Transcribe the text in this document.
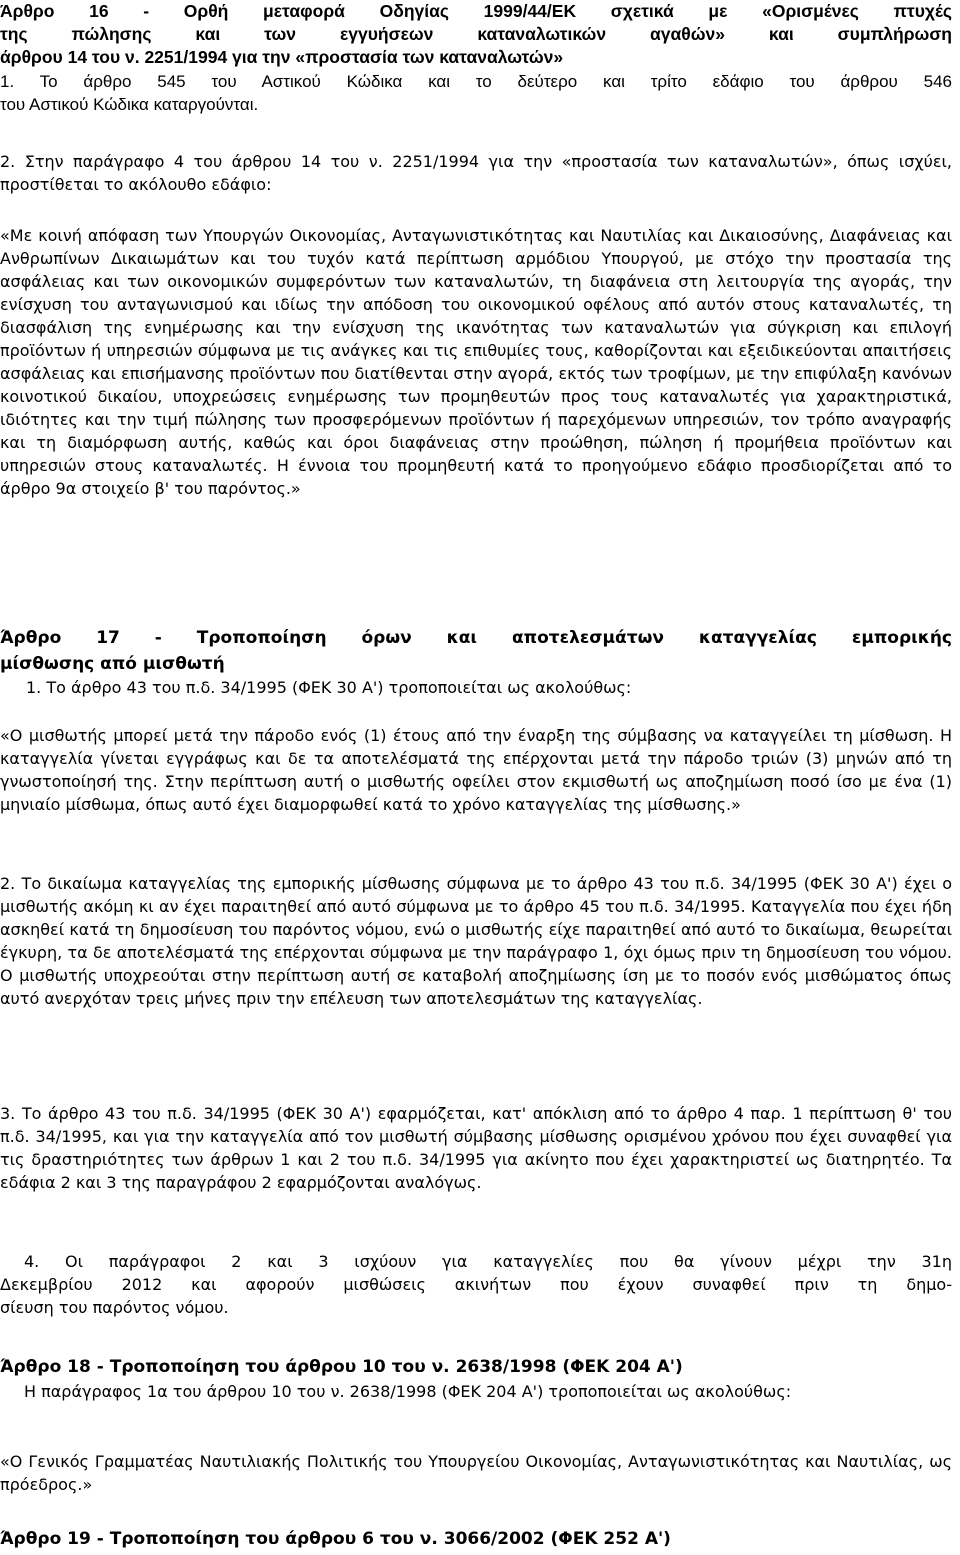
Άρθρο 16 - Ορθή μεταφορά Οδηγίας 1999/44/ΕΚ σχετικά με «Ορισμένες πτυχές
της πώλησης και των εγγυήσεων καταναλωτικών αγαθών» και συμπλήρωση
άρθρου 14 του ν. 2251/1994 για την «προστασία των καταναλωτών»
1. Το άρθρο 545 του Αστικού Κώδικα και το δεύτερο και τρίτο εδάφιο του άρθρου 546
του Αστικού Κώδικα καταργούνται.

2. Στην παράγραφο 4 του άρθρου 14 του ν. 2251/1994 για την «προστασία των καταναλωτών», όπως ισχύει, προστίθεται το ακόλουθο εδάφιο:

«Με κοινή απόφαση των Υπουργών Οικονομίας, Ανταγωνιστικότητας και Ναυτιλίας και Δικαιοσύνης, Διαφάνειας και Ανθρωπίνων Δικαιωμάτων και του τυχόν κατά περίπτωση αρμόδιου Υπουργού, με στόχο την προστασία της ασφάλειας και των οικονομικών συμφερόντων των καταναλωτών, τη διαφάνεια στη λειτουργία της αγοράς, την ενίσχυση του ανταγωνισμού και ιδίως την απόδοση του οικονομικού οφέλους από αυτόν στους καταναλωτές, τη διασφάλιση της ενημέρωσης και την ενίσχυση της ικανότητας των καταναλωτών για σύγκριση και επιλογή προϊόντων ή υπηρεσιών σύμφωνα με τις ανάγκες και τις επιθυμίες τους, καθορίζονται και εξειδικεύονται απαιτήσεις ασφάλειας και επισήμανσης προϊόντων που διατίθενται στην αγορά, εκτός των τροφίμων, με την επιφύλαξη κανόνων κοινοτικού δικαίου, υποχρεώσεις ενημέρωσης των προμηθευτών προς τους καταναλωτές για χαρακτηριστικά, ιδιότητες και την τιμή πώλησης των προσφερόμενων προϊόντων ή παρεχόμενων υπηρεσιών, τον τρόπο αναγραφής και τη διαμόρφωση αυτής, καθώς και όροι διαφάνειας στην προώθηση, πώληση ή προμήθεια προϊόντων και υπηρεσιών στους καταναλωτές. Η έννοια του προμηθευτή κατά το προηγούμενο εδάφιο προσδιορίζεται από το άρθρο 9α στοιχείο β' του παρόντος.»

Άρθρο 17 - Τροποποίηση όρων και αποτελεσμάτων καταγγελίας εμπορικής
μίσθωσης από μισθωτή

1. Το άρθρο 43 του π.δ. 34/1995 (ΦΕΚ 30 Α') τροποποιείται ως ακολούθως:

«Ο μισθωτής μπορεί μετά την πάροδο ενός (1) έτους από την έναρξη της σύμβασης να καταγγείλει τη μίσθωση. Η καταγγελία γίνεται εγγράφως και δε τα αποτελέσματά της επέρχονται μετά την πάροδο τριών (3) μηνών από τη γνωστοποίησή της. Στην περίπτωση αυτή ο μισθωτής οφείλει στον εκμισθωτή ως αποζημίωση ποσό ίσο με ένα (1) μηνιαίο μίσθωμα, όπως αυτό έχει διαμορφωθεί κατά το χρόνο καταγγελίας της μίσθωσης.»

2. Το δικαίωμα καταγγελίας της εμπορικής μίσθωσης σύμφωνα με το άρθρο 43 του π.δ. 34/1995 (ΦΕΚ 30 Α') έχει ο μισθωτής ακόμη κι αν έχει παραιτηθεί από αυτό σύμφωνα με το άρθρο 45 του π.δ. 34/1995. Καταγγελία που έχει ήδη ασκηθεί κατά τη δημοσίευση του παρόντος νόμου, ενώ ο μισθωτής είχε παραιτηθεί από αυτό το δικαίωμα, θεωρείται έγκυρη, τα δε αποτελέσματά της επέρχονται σύμφωνα με την παράγραφο 1, όχι όμως πριν τη δημοσίευση του νόμου. Ο μισθωτής υποχρεούται στην περίπτωση αυτή σε καταβολή αποζημίωσης ίση με το ποσόν ενός μισθώματος όπως αυτό ανερχόταν τρεις μήνες πριν την επέλευση των αποτελεσμάτων της καταγγελίας.

3. Το άρθρο 43 του π.δ. 34/1995 (ΦΕΚ 30 Α') εφαρμόζεται, κατ' απόκλιση από το άρθρο 4 παρ. 1 περίπτωση θ' του π.δ. 34/1995, και για την καταγγελία από τον μισθωτή σύμβασης μίσθωσης ορισμένου χρόνου που έχει συναφθεί για τις δραστηριότητες των άρθρων 1 και 2 του π.δ. 34/1995 για ακίνητο που έχει χαρακτηριστεί ως διατηρητέο. Τα εδάφια 2 και 3 της παραγράφου 2 εφαρμόζονται αναλόγως.

4. Οι παράγραφοι 2 και 3 ισχύουν για καταγγελίες που θα γίνουν μέχρι την 31η
Δεκεμβρίου 2012 και αφορούν μισθώσεις ακινήτων που έχουν συναφθεί πριν τη δημο-
σίευση του παρόντος νόμου.

Άρθρο 18 - Τροποποίηση του άρθρου 10 του ν. 2638/1998 (ΦΕΚ 204 Α')

Η παράγραφος 1α του άρθρου 10 του ν. 2638/1998 (ΦΕΚ 204 Α') τροποποιείται ως ακολούθως:

«Ο Γενικός Γραμματέας Ναυτιλιακής Πολιτικής του Υπουργείου Οικονομίας, Ανταγωνιστικότητας και Ναυτιλίας, ως πρόεδρος.»

Άρθρο 19 - Τροποποίηση του άρθρου 6 του ν. 3066/2002 (ΦΕΚ 252 Α')
